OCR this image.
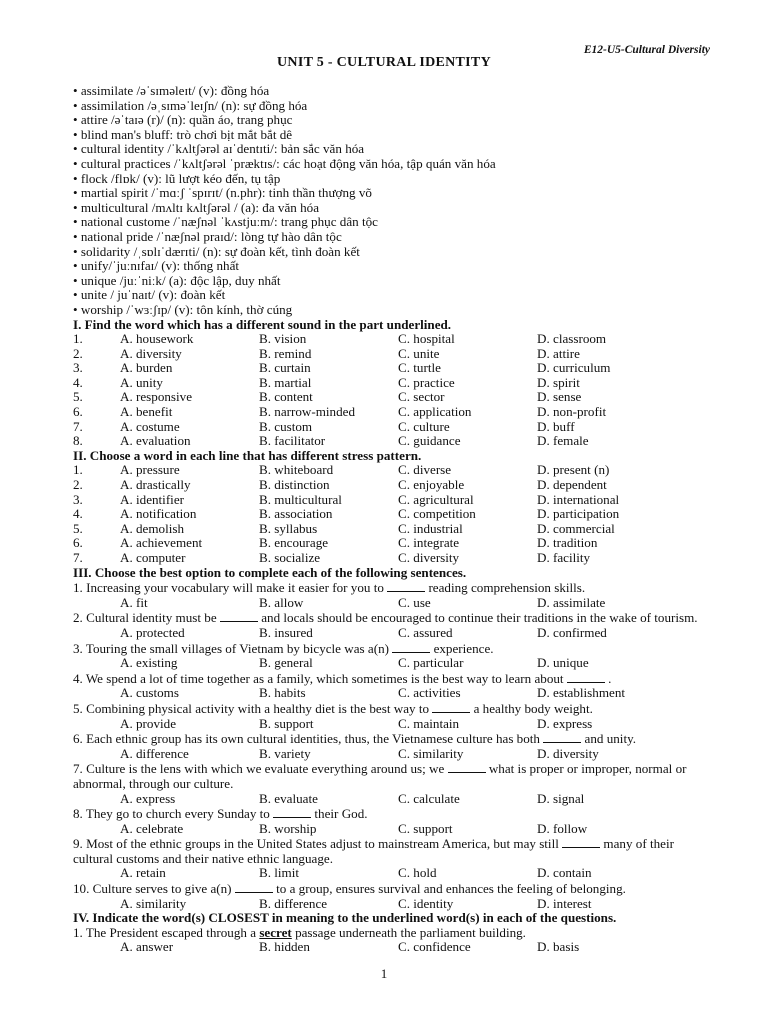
E12-U5-Cultural Diversity
UNIT 5 - CULTURAL IDENTITY
• assimilate /əˈsɪməleɪt/ (v): đồng hóa
• assimilation /əˌsɪməˈleɪʃn/ (n): sự đồng hóa
• attire /əˈtaɪə (r)/ (n): quần áo, trang phục
• blind man's bluff: trò chơi bịt mắt bắt dê
• cultural identity /ˈkʌltʃərəl aɪˈdentɪti/: bản sắc văn hóa
• cultural practices /ˈkʌltʃərəl ˈpræktɪs/: các hoạt động văn hóa, tập quán văn hóa
• flock /flɒk/ (v): lũ lượt kéo đến, tụ tập
• martial spirit /ˈmɑːʃ ˈspɪrɪt/ (n.phr): tinh thần thượng võ
• multicultural /mʌltɪ kʌltʃərəl / (a): đa văn hóa
• national custome /ˈnæʃnəl ˈkʌstjuːm/: trang phục dân tộc
• national pride /ˈnæʃnəl praɪd/: lòng tự hào dân tộc
• solidarity /ˌsɒlɪˈdærɪti/ (n): sự đoàn kết, tình đoàn kết
• unify/ˈjuːnɪfaɪ/ (v): thống nhất
• unique /juːˈniːk/ (a): độc lập, duy nhất
• unite / juˈnaɪt/ (v): đoàn kết
• worship /ˈwɜːʃɪp/ (v): tôn kính, thờ cúng
I. Find the word which has a different sound in the part underlined.
1.	A. housework	B. vision	C. hospital	D. classroom
2.	A. diversity	B. remind	C. unite	D. attire
3.	A. burden	B. curtain	C. turtle	D. curriculum
4.	A. unity	B. martial	C. practice	D. spirit
5.	A. responsive	B. content	C. sector	D. sense
6.	A. benefit	B. narrow-minded	C. application	D. non-profit
7.	A. costume	B. custom	C. culture	D. buff
8.	A. evaluation	B. facilitator	C. guidance	D. female
II. Choose a word in each line that has different stress pattern.
1.	A. pressure	B. whiteboard	C. diverse	D. present (n)
2.	A. drastically	B. distinction	C. enjoyable	D. dependent
3.	A. identifier	B. multicultural	C. agricultural	D. international
4.	A. notification	B. association	C. competition	D. participation
5.	A. demolish	B. syllabus	C. industrial	D. commercial
6.	A. achievement	B. encourage	C. integrate	D. tradition
7.	A. computer	B. socialize	C. diversity	D. facility
III. Choose the best option to complete each of the following sentences.
1. Increasing your vocabulary will make it easier for you to	reading comprehension skills.
A. fit	B. allow	C. use	D. assimilate
2. Cultural identity must be	and locals should be encouraged to continue their traditions in the wake of tourism.
A. protected	B. insured	C. assured	D. confirmed
3. Touring the small villages of Vietnam by bicycle was a(n)	experience.
A. existing	B. general	C. particular	D. unique
4. We spend a lot of time together as a family, which sometimes is the best way to learn about	.
A. customs	B. habits	C. activities	D. establishment
5. Combining physical activity with a healthy diet is the best way to	a healthy body weight.
A. provide	B. support	C. maintain	D. express
6. Each ethnic group has its own cultural identities, thus, the Vietnamese culture has both	and unity.
A. difference	B. variety	C. similarity	D. diversity
7. Culture is the lens with which we evaluate everything around us; we	what is proper or improper, normal or abnormal, through our culture.
A. express	B. evaluate	C. calculate	D. signal
8. They go to church every Sunday to	their God.
A. celebrate	B. worship	C. support	D. follow
9. Most of the ethnic groups in the United States adjust to mainstream America, but may still	many of their cultural customs and their native ethnic language.
A. retain	B. limit	C. hold	D. contain
10. Culture serves to give a(n)	to a group, ensures survival and enhances the feeling of belonging.
A. similarity	B. difference	C. identity	D. interest
IV. Indicate the word(s) CLOSEST in meaning to the underlined word(s) in each of the questions.
1. The President escaped through a secret passage underneath the parliament building.
A. answer	B. hidden	C. confidence	D. basis
1
